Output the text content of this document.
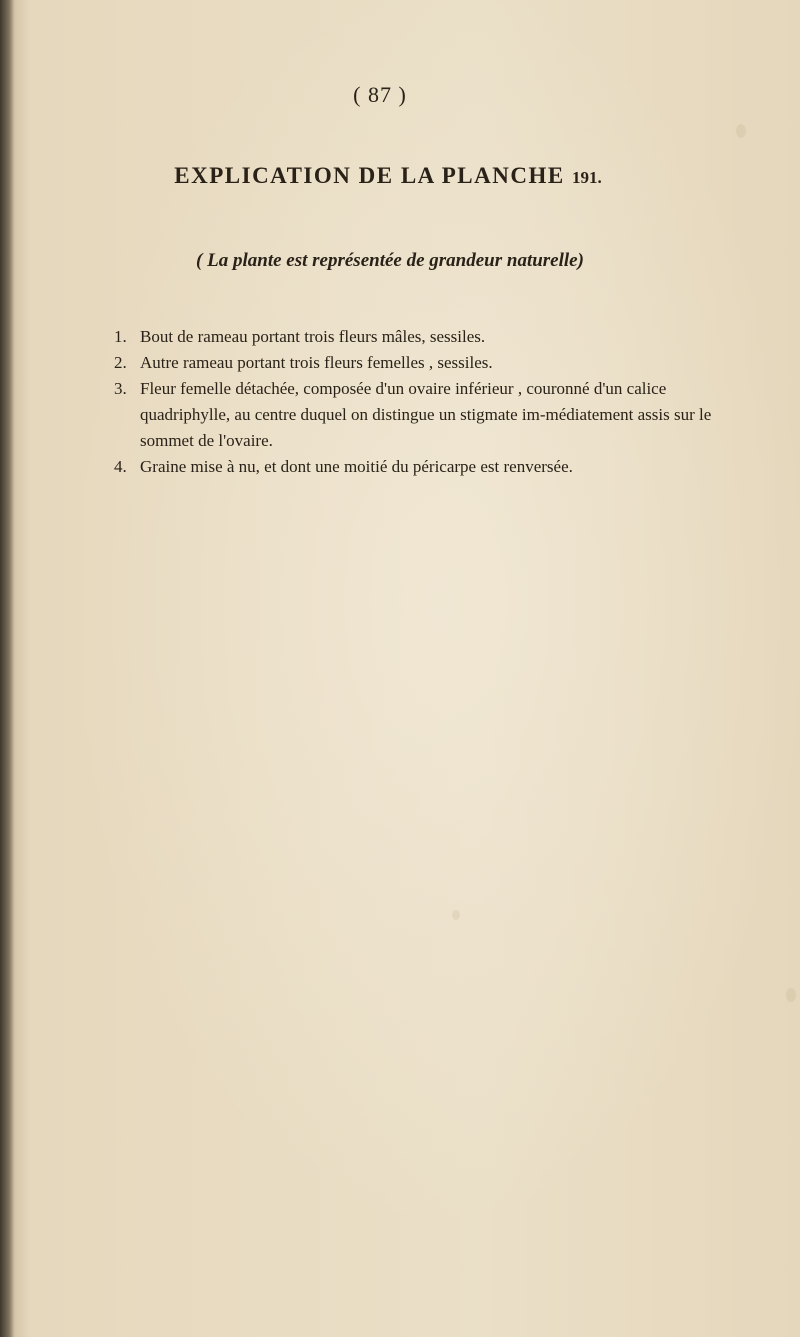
( 87 )
EXPLICATION DE LA PLANCHE 191.
( La plante est représentée de grandeur naturelle)

1. Bout de rameau portant trois fleurs mâles, sessiles.

2. Autre rameau portant trois fleurs femelles , sessiles.

3. Fleur femelle détachée, composée d'un ovaire inférieur , couronné d'un calice quadriphylle, au centre duquel on distingue un stigmate im-médiatement assis sur le sommet de l'ovaire.

4. Graine mise à nu, et dont une moitié du péricarpe est renversée.
